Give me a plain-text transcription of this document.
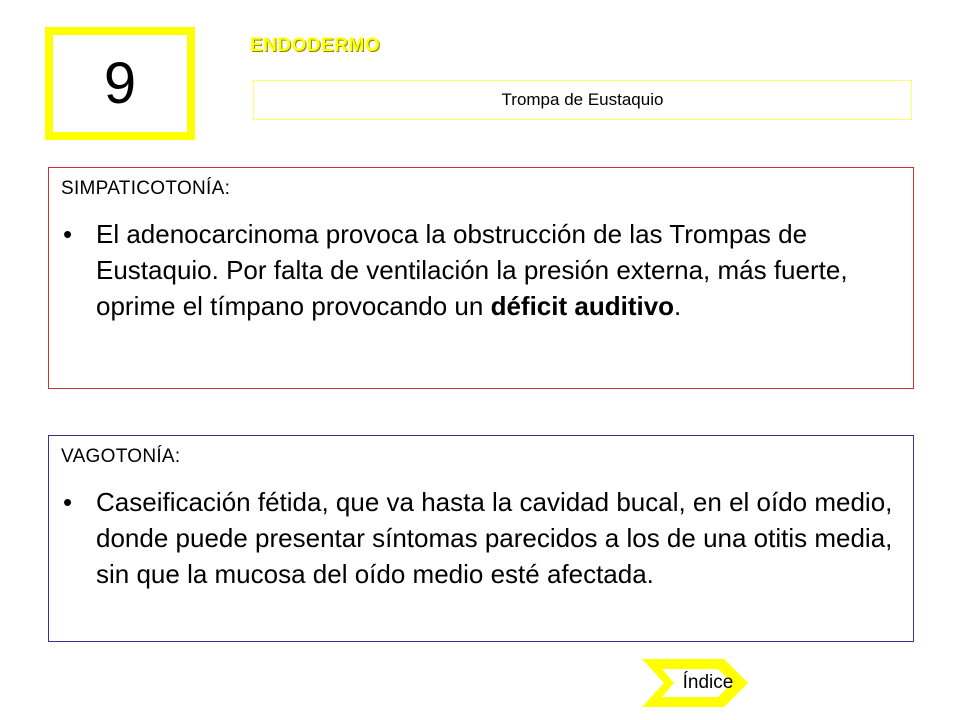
9
ENDODERMO
Trompa de Eustaquio

SIMPATICOTONÍA:

• El adenocarcinoma provoca la obstrucción de las Trompas de Eustaquio. Por falta de ventilación la presión externa, más fuerte, oprime el tímpano provocando un déficit auditivo.

VAGOTONÍA:

• Caseificación fétida, que va hasta la cavidad bucal, en el oído medio, donde puede presentar síntomas parecidos a los de una otitis media, sin que la mucosa del oído medio esté afectada.

Índice
